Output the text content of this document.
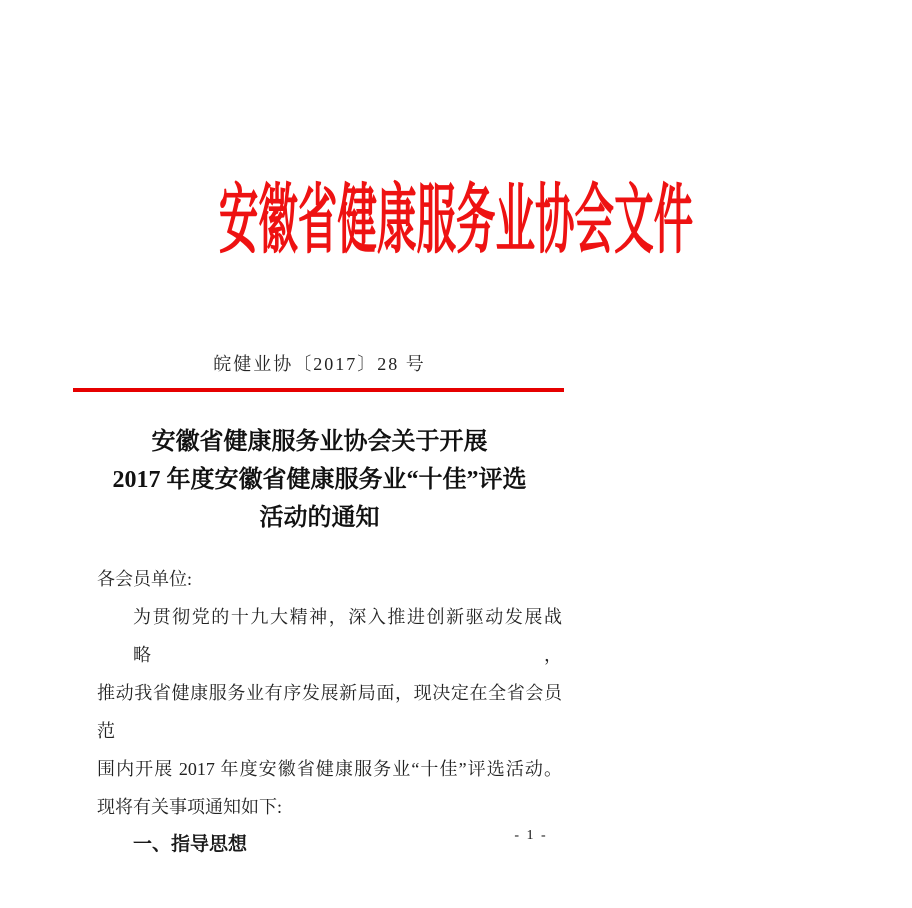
安徽省健康服务业协会文件
皖健业协〔2017〕28 号
安徽省健康服务业协会关于开展
2017 年度安徽省健康服务业“十佳”评选
活动的通知
各会员单位:
为贯彻党的十九大精神，深入推进创新驱动发展战略，
推动我省健康服务业有序发展新局面，现决定在全省会员范
围内开展 2017 年度安徽省健康服务业“十佳”评选活动。
现将有关事项通知如下:
一、指导思想	- 1 -
